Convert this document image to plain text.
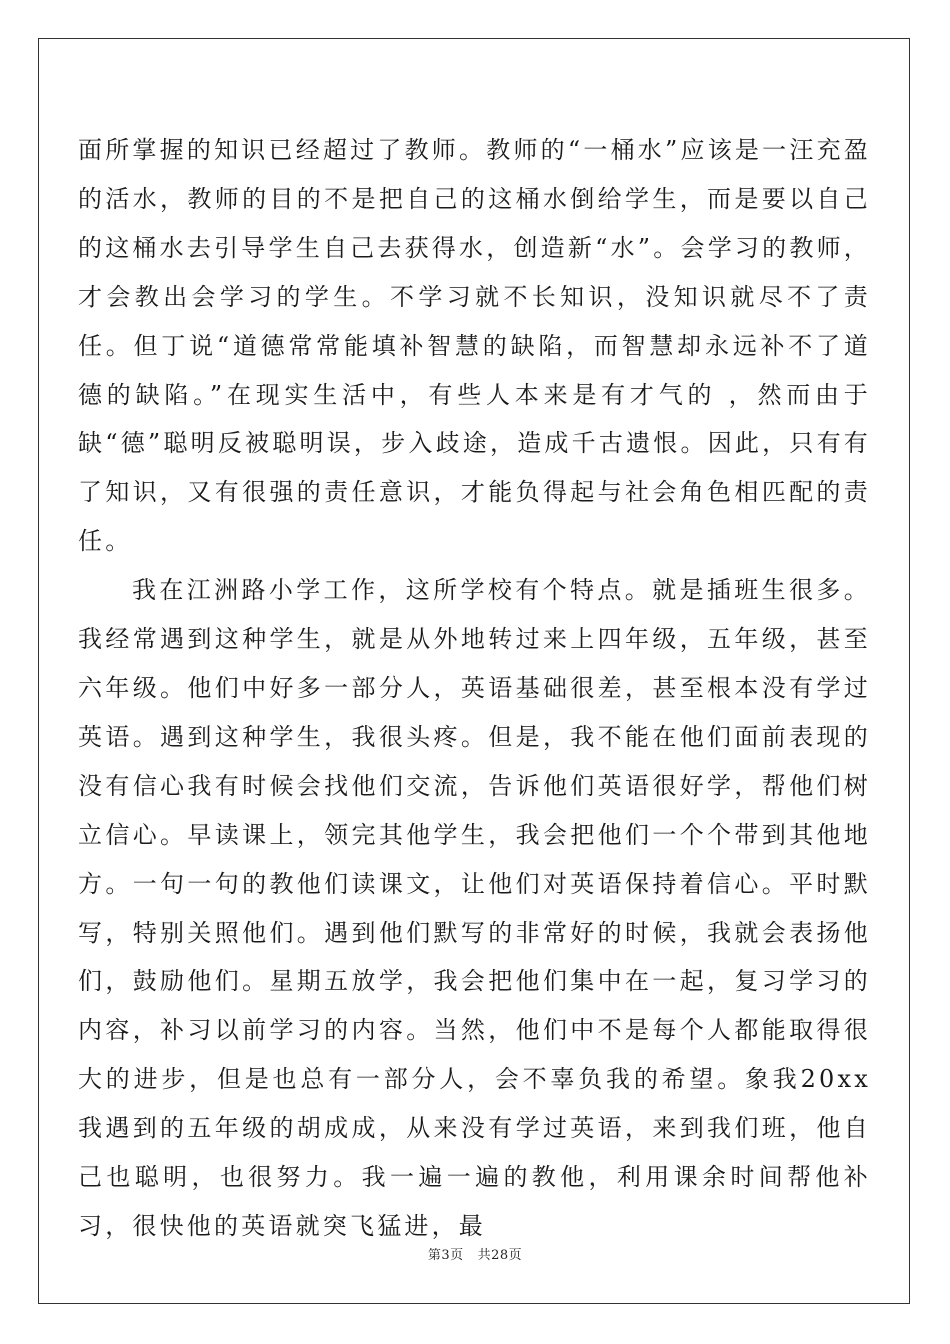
面所掌握的知识已经超过了教师。教师的“一桶水”应该是一汪充盈的活水，教师的目的不是把自己的这桶水倒给学生，而是要以自己的这桶水去引导学生自己去获得水，创造新“水”。会学习的教师，才会教出会学习的学生。不学习就不长知识，没知识就尽不了责任。但丁说“道德常常能填补智慧的缺陷，而智慧却永远补不了道德的缺陷。”在现实生活中，有些人本来是有才气的 ，然而由于缺“德”聪明反被聪明误，步入歧途，造成千古遗恨。因此，只有有了知识，又有很强的责任意识，才能负得起与社会角色相匹配的责任。

我在江洲路小学工作，这所学校有个特点。就是插班生很多。我经常遇到这种学生，就是从外地转过来上四年级，五年级，甚至六年级。他们中好多一部分人，英语基础很差，甚至根本没有学过英语。遇到这种学生，我很头疼。但是，我不能在他们面前表现的没有信心我有时候会找他们交流，告诉他们英语很好学，帮他们树立信心。早读课上，领完其他学生，我会把他们一个个带到其他地方。一句一句的教他们读课文，让他们对英语保持着信心。平时默写，特别关照他们。遇到他们默写的非常好的时候，我就会表扬他们，鼓励他们。星期五放学，我会把他们集中在一起，复习学习的内容，补习以前学习的内容。当然，他们中不是每个人都能取得很大的进步，但是也总有一部分人，会不辜负我的希望。象我20xx我遇到的五年级的胡成成，从来没有学过英语，来到我们班，他自己也聪明，也很努力。我一遍一遍的教他，利用课余时间帮他补习，很快他的英语就突飞猛进，最

第3页 共28页
